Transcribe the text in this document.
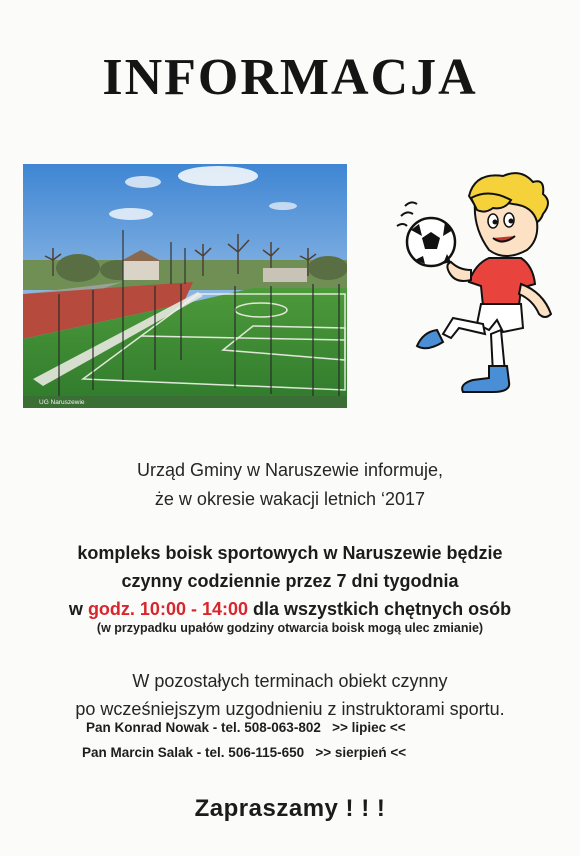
INFORMACJA
UG Naruszewie
Urząd Gminy w Naruszewie informuje,
że w okresie wakacji letnich ‘2017
kompleks boisk sportowych w Naruszewie będzie
czynny codziennie przez 7 dni tygodnia
w godz. 10:00 - 14:00 dla wszystkich chętnych osób
(w przypadku upałów godziny otwarcia boisk mogą ulec zmianie)
W pozostałych terminach obiekt czynny
po wcześniejszym uzgodnieniu z instruktorami sportu.
Pan Konrad Nowak - tel. 508-063-802   >> lipiec <<
Pan Marcin Salak - tel. 506-115-650   >> sierpień <<
Zapraszamy ! ! !
